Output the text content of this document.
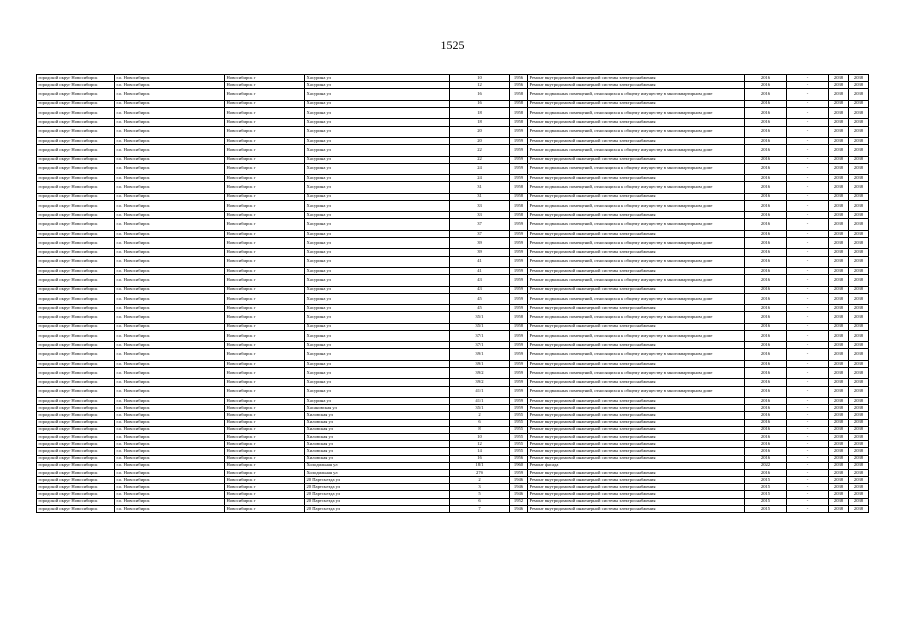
1525
городской округ Новосибирск	г.о. Новосибирск	Новосибирск г	Хасурина ул	10	1956	Ремонт внутридомовой инженерной системы электроснабжения	2016	-	2038	2038
городской округ Новосибирск	г.о. Новосибирск	Новосибирск г	Хасурина ул	12	1956	Ремонт внутридомовой инженерной системы электроснабжения	2016	-	2038	2038
городской округ Новосибирск	г.о. Новосибирск	Новосибирск г	Хасурина ул	16	1958	Ремонт подвальных помещений, относящихся к общему имуществу в многоквартирном доме	2016	-	2038	2038
городской округ Новосибирск	г.о. Новосибирск	Новосибирск г	Хасурина ул	16	1958	Ремонт внутридомовой инженерной системы электроснабжения	2016	-	2038	2038
городской округ Новосибирск	г.о. Новосибирск	Новосибирск г	Хасурина ул	18	1958	Ремонт подвальных помещений, относящихся к общему имуществу в многоквартирном доме	2016	-	2038	2038
городской округ Новосибирск	г.о. Новосибирск	Новосибирск г	Хасурина ул	18	1958	Ремонт внутридомовой инженерной системы электроснабжения	2016	-	2038	2038
городской округ Новосибирск	г.о. Новосибирск	Новосибирск г	Хасурина ул	20	1959	Ремонт подвальных помещений, относящихся к общему имуществу в многоквартирном доме	2016	-	2038	2038
городской округ Новосибирск	г.о. Новосибирск	Новосибирск г	Хасурина ул	20	1959	Ремонт внутридомовой инженерной системы электроснабжения	2016	-	2038	2038
городской округ Новосибирск	г.о. Новосибирск	Новосибирск г	Хасурина ул	22	1959	Ремонт подвальных помещений, относящихся к общему имуществу в многоквартирном доме	2016	-	2038	2038
городской округ Новосибирск	г.о. Новосибирск	Новосибирск г	Хасурина ул	22	1959	Ремонт внутридомовой инженерной системы электроснабжения	2016	-	2038	2038
городской округ Новосибирск	г.о. Новосибирск	Новосибирск г	Хасурина ул	24	1959	Ремонт подвальных помещений, относящихся к общему имуществу в многоквартирном доме	2016	-	2038	2038
городской округ Новосибирск	г.о. Новосибирск	Новосибирск г	Хасурина ул	24	1959	Ремонт внутридомовой инженерной системы электроснабжения	2016	-	2038	2038
городской округ Новосибирск	г.о. Новосибирск	Новосибирск г	Хасурина ул	31	1958	Ремонт подвальных помещений, относящихся к общему имуществу в многоквартирном доме	2016	-	2038	2038
городской округ Новосибирск	г.о. Новосибирск	Новосибирск г	Хасурина ул	31	1958	Ремонт внутридомовой инженерной системы электроснабжения	2016	-	2038	2038
городской округ Новосибирск	г.о. Новосибирск	Новосибирск г	Хасурина ул	33	1958	Ремонт подвальных помещений, относящихся к общему имуществу в многоквартирном доме	2016	-	2038	2038
городской округ Новосибирск	г.о. Новосибирск	Новосибирск г	Хасурина ул	33	1958	Ремонт внутридомовой инженерной системы электроснабжения	2016	-	2038	2038
городской округ Новосибирск	г.о. Новосибирск	Новосибирск г	Хасурина ул	37	1959	Ремонт подвальных помещений, относящихся к общему имуществу в многоквартирном доме	2016	-	2038	2038
городской округ Новосибирск	г.о. Новосибирск	Новосибирск г	Хасурина ул	37	1959	Ремонт внутридомовой инженерной системы электроснабжения	2016	-	2038	2038
городской округ Новосибирск	г.о. Новосибирск	Новосибирск г	Хасурина ул	39	1959	Ремонт подвальных помещений, относящихся к общему имуществу в многоквартирном доме	2016	-	2038	2038
городской округ Новосибирск	г.о. Новосибирск	Новосибирск г	Хасурина ул	39	1959	Ремонт внутридомовой инженерной системы электроснабжения	2016	-	2038	2038
городской округ Новосибирск	г.о. Новосибирск	Новосибирск г	Хасурина ул	41	1959	Ремонт подвальных помещений, относящихся к общему имуществу в многоквартирном доме	2016	-	2038	2038
городской округ Новосибирск	г.о. Новосибирск	Новосибирск г	Хасурина ул	41	1959	Ремонт внутридомовой инженерной системы электроснабжения	2016	-	2038	2038
городской округ Новосибирск	г.о. Новосибирск	Новосибирск г	Хасурина ул	43	1959	Ремонт подвальных помещений, относящихся к общему имуществу в многоквартирном доме	2016	-	2038	2038
городской округ Новосибирск	г.о. Новосибирск	Новосибирск г	Хасурина ул	43	1959	Ремонт внутридомовой инженерной системы электроснабжения	2016	-	2038	2038
городской округ Новосибирск	г.о. Новосибирск	Новосибирск г	Хасурина ул	45	1959	Ремонт подвальных помещений, относящихся к общему имуществу в многоквартирном доме	2016	-	2038	2038
городской округ Новосибирск	г.о. Новосибирск	Новосибирск г	Хасурина ул	45	1959	Ремонт внутридомовой инженерной системы электроснабжения	2016	-	2038	2038
городской округ Новосибирск	г.о. Новосибирск	Новосибирск г	Хасурина ул	35/1	1958	Ремонт подвальных помещений, относящихся к общему имуществу в многоквартирном доме	2016	-	2038	2038
городской округ Новосибирск	г.о. Новосибирск	Новосибирск г	Хасурина ул	35/1	1958	Ремонт внутридомовой инженерной системы электроснабжения	2016	-	2038	2038
городской округ Новосибирск	г.о. Новосибирск	Новосибирск г	Хасурина ул	37/1	1959	Ремонт подвальных помещений, относящихся к общему имуществу в многоквартирном доме	2016	-	2038	2038
городской округ Новосибирск	г.о. Новосибирск	Новосибирск г	Хасурина ул	37/1	1959	Ремонт внутридомовой инженерной системы электроснабжения	2016	-	2038	2038
городской округ Новосибирск	г.о. Новосибирск	Новосибирск г	Хасурина ул	39/1	1959	Ремонт подвальных помещений, относящихся к общему имуществу в многоквартирном доме	2016	-	2038	2038
городской округ Новосибирск	г.о. Новосибирск	Новосибирск г	Хасурина ул	39/1	1959	Ремонт внутридомовой инженерной системы электроснабжения	2016	-	2038	2038
городской округ Новосибирск	г.о. Новосибирск	Новосибирск г	Хасурина ул	39/2	1959	Ремонт подвальных помещений, относящихся к общему имуществу в многоквартирном доме	2016	-	2038	2038
городской округ Новосибирск	г.о. Новосибирск	Новосибирск г	Хасурина ул	39/2	1959	Ремонт внутридомовой инженерной системы электроснабжения	2016	-	2038	2038
городской округ Новосибирск	г.о. Новосибирск	Новосибирск г	Хасурина ул	41/1	1959	Ремонт подвальных помещений, относящихся к общему имуществу в многоквартирном доме	2016	-	2038	2038
городской округ Новосибирск	г.о. Новосибирск	Новосибирск г	Хасурина ул	41/1	1959	Ремонт внутридомовой инженерной системы электроснабжения	2016	-	2038	2038
городской округ Новосибирск	г.о. Новосибирск	Новосибирск г	Хасановская ул	35/1	1959	Ремонт внутридомовой инженерной системы электроснабжения	2016	-	2038	2038
городской округ Новосибирск	г.о. Новосибирск	Новосибирск г	Хиловская ул	2	1955	Ремонт внутридомовой инженерной системы электроснабжения	2016	-	2038	2038
городской округ Новосибирск	г.о. Новосибирск	Новосибирск г	Хиловская ул	6	1955	Ремонт внутридомовой инженерной системы электроснабжения	2016	-	2038	2038
городской округ Новосибирск	г.о. Новосибирск	Новосибирск г	Хиловская ул	8	1955	Ремонт внутридомовой инженерной системы электроснабжения	2016	-	2038	2038
городской округ Новосибирск	г.о. Новосибирск	Новосибирск г	Хиловская ул	10	1955	Ремонт внутридомовой инженерной системы электроснабжения	2016	-	2038	2038
городской округ Новосибирск	г.о. Новосибирск	Новосибирск г	Хиловская ул	12	1955	Ремонт внутридомовой инженерной системы электроснабжения	2016	-	2038	2038
городской округ Новосибирск	г.о. Новосибирск	Новосибирск г	Хиловская ул	14	1955	Ремонт внутридомовой инженерной системы электроснабжения	2016	-	2038	2038
городской округ Новосибирск	г.о. Новосибирск	Новосибирск г	Хиловская ул	16	1956	Ремонт внутридомовой инженерной системы электроснабжения	2016	-	2038	2038
городской округ Новосибирск	г.о. Новосибирск	Новосибирск г	Холодильная ул	18/1	1960	Ремонт фасада	2022	-	2038	2038
городской округ Новосибирск	г.о. Новосибирск	Новосибирск г	Холодильная ул	27б	1959	Ремонт внутридомовой инженерной системы электроснабжения	2016	-	2038	2038
городской округ Новосибирск	г.о. Новосибирск	Новосибирск г	20 Партсъезда ул	2	1946	Ремонт внутридомовой инженерной системы электроснабжения	2015	-	2038	2038
городской округ Новосибирск	г.о. Новосибирск	Новосибирск г	20 Партсъезда ул	3	1946	Ремонт внутридомовой инженерной системы электроснабжения	2015	-	2038	2038
городской округ Новосибирск	г.о. Новосибирск	Новосибирск г	20 Партсъезда ул	5	1946	Ремонт внутридомовой инженерной системы электроснабжения	2015	-	2038	2038
городской округ Новосибирск	г.о. Новосибирск	Новосибирск г	20 Партсъезда ул	6	1952	Ремонт внутридомовой инженерной системы электроснабжения	2015	-	2038	2038
городской округ Новосибирск	г.о. Новосибирск	Новосибирск г	20 Партсъезда ул	7	1946	Ремонт внутридомовой инженерной системы электроснабжения	2015	-	2038	2038
